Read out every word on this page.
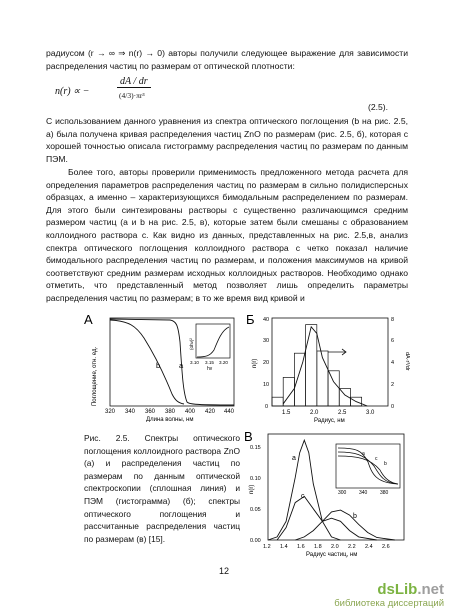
радиусом (r → ∞ ⇒ n(r) → 0) авторы получили следующее выражение для зависимости распределения частиц по размерам от оптической плотности:
n(r) ∝ −
dA / dr
(4/3)·πr³
(2.5).
С использованием данного уравнения из спектра оптического поглощения (b на рис. 2.5, а) была получена кривая распределения частиц ZnO по размерам (рис. 2.5, б), которая с хорошей точностью описала гистограмму распределения частиц по размерам по данным ПЭМ.
Более того, авторы проверили применимость предложенного метода расчета для определения параметров распределения частиц по размерам в сильно полидисперсных образцах, а именно – характеризующихся бимодальным распределением по размерам. Для этого были синтезированы растворы с существенно различающимся средним размером частиц (a и b на рис. 2.5, в), которые затем были смешаны с образованием коллоидного раствора с. Как видно из данных, представленных на рис. 2.5,в, анализ спектра оптического поглощения коллоидного раствора с четко показал наличие бимодального распределения частиц по размерам, и положения максимумов на кривой соответствуют средним размерам исходных коллоидных растворов. Необходимо однако отметить, что представленный метод позволяет лишь определить параметры распределения частиц по размерам; в то же время вид кривой и
А
Поглощение, отн. ед.	b	a
(αhν)²
3.10 3.15 3.20
hν
320 340 360 380 400 420 440
Длина волны, нм
Б
n(r)	dA·r³/dr
0
10
20
30
40
0
2
4
6
8
1.5	2.0	2.5	3.0
Радиус, нм
Рис. 2.5. Спектры оптического поглощения коллоидного раствора ZnO (а) и распределения частиц по размерам по данным оптической спектроскопии (сплошная линия) и ПЭМ (гистограмма) (б); спектры оптического поглощения и рассчитанные распределения частиц по размерам (в) [15].
В
n(r)
0.00
0.05
0.10
0.15
a
b
c
a
c
b
300	340	380
1.2 1.4 1.6 1.8 2.0 2.2 2.4 2.6
Радиус частиц, нм
12
dsLib.net
библиотека диссертаций
